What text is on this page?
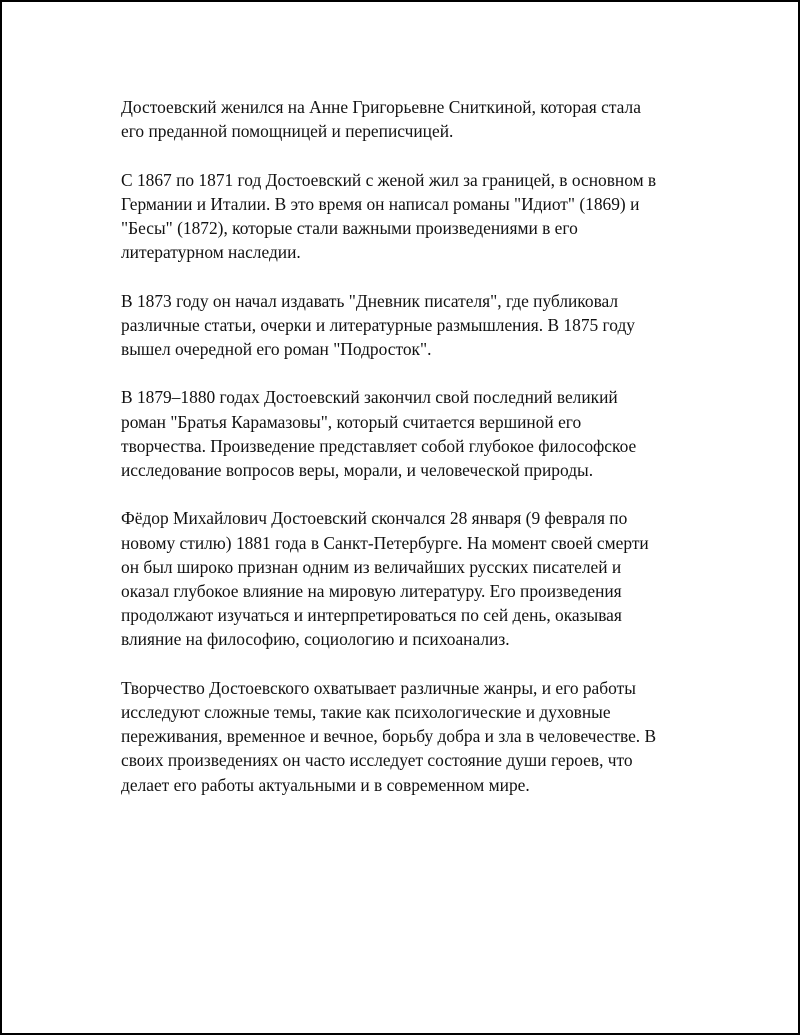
Достоевский женился на Анне Григорьевне Сниткиной, которая стала
его преданной помощницей и переписчицей.

С 1867 по 1871 год Достоевский с женой жил за границей, в основном в
Германии и Италии. В это время он написал романы "Идиот" (1869) и
"Бесы" (1872), которые стали важными произведениями в его
литературном наследии.

В 1873 году он начал издавать "Дневник писателя", где публиковал
различные статьи, очерки и литературные размышления. В 1875 году
вышел очередной его роман "Подросток".

В 1879–1880 годах Достоевский закончил свой последний великий
роман "Братья Карамазовы", который считается вершиной его
творчества. Произведение представляет собой глубокое философское
исследование вопросов веры, морали, и человеческой природы.

Фёдор Михайлович Достоевский скончался 28 января (9 февраля по
новому стилю) 1881 года в Санкт-Петербурге. На момент своей смерти
он был широко признан одним из величайших русских писателей и
оказал глубокое влияние на мировую литературу. Его произведения
продолжают изучаться и интерпретироваться по сей день, оказывая
влияние на философию, социологию и психоанализ.

Творчество Достоевского охватывает различные жанры, и его работы
исследуют сложные темы, такие как психологические и духовные
переживания, временное и вечное, борьбу добра и зла в человечестве. В
своих произведениях он часто исследует состояние души героев, что
делает его работы актуальными и в современном мире.
